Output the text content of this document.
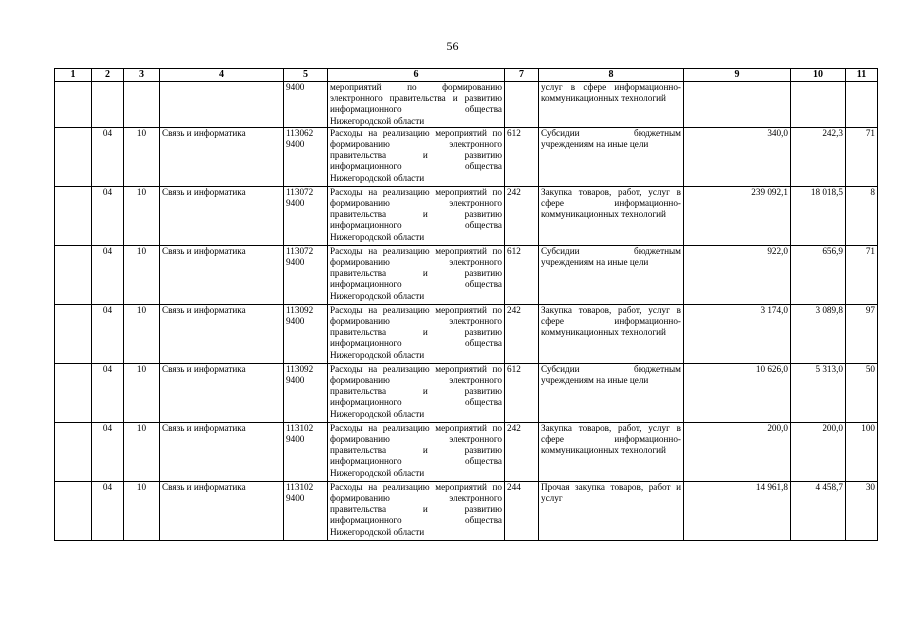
56
1	2	3	4	5	6	7	8	9	10	11
				9400	мероприятий по формированию электронного правительства и развитию информационного общества Нижегородской области		услуг в сфере информационно-коммуникационных технологий			
	04	10	Связь и информатика	113062 9400	Расходы на реализацию мероприятий по формированию электронного правительства и развитию информационного общества Нижегородской области	612	Субсидии бюджетным учреждениям на иные цели	340,0	242,3	71
	04	10	Связь и информатика	113072 9400	Расходы на реализацию мероприятий по формированию электронного правительства и развитию информационного общества Нижегородской области	242	Закупка товаров, работ, услуг в сфере информационно-коммуникационных технологий	239 092,1	18 018,5	8
	04	10	Связь и информатика	113072 9400	Расходы на реализацию мероприятий по формированию электронного правительства и развитию информационного общества Нижегородской области	612	Субсидии бюджетным учреждениям на иные цели	922,0	656,9	71
	04	10	Связь и информатика	113092 9400	Расходы на реализацию мероприятий по формированию электронного правительства и развитию информационного общества Нижегородской области	242	Закупка товаров, работ, услуг в сфере информационно-коммуникационных технологий	3 174,0	3 089,8	97
	04	10	Связь и информатика	113092 9400	Расходы на реализацию мероприятий по формированию электронного правительства и развитию информационного общества Нижегородской области	612	Субсидии бюджетным учреждениям на иные цели	10 626,0	5 313,0	50
	04	10	Связь и информатика	113102 9400	Расходы на реализацию мероприятий по формированию электронного правительства и развитию информационного общества Нижегородской области	242	Закупка товаров, работ, услуг в сфере информационно-коммуникационных технологий	200,0	200,0	100
	04	10	Связь и информатика	113102 9400	Расходы на реализацию мероприятий по формированию электронного правительства и развитию информационного общества Нижегородской области	244	Прочая закупка товаров, работ и услуг	14 961,8	4 458,7	30
